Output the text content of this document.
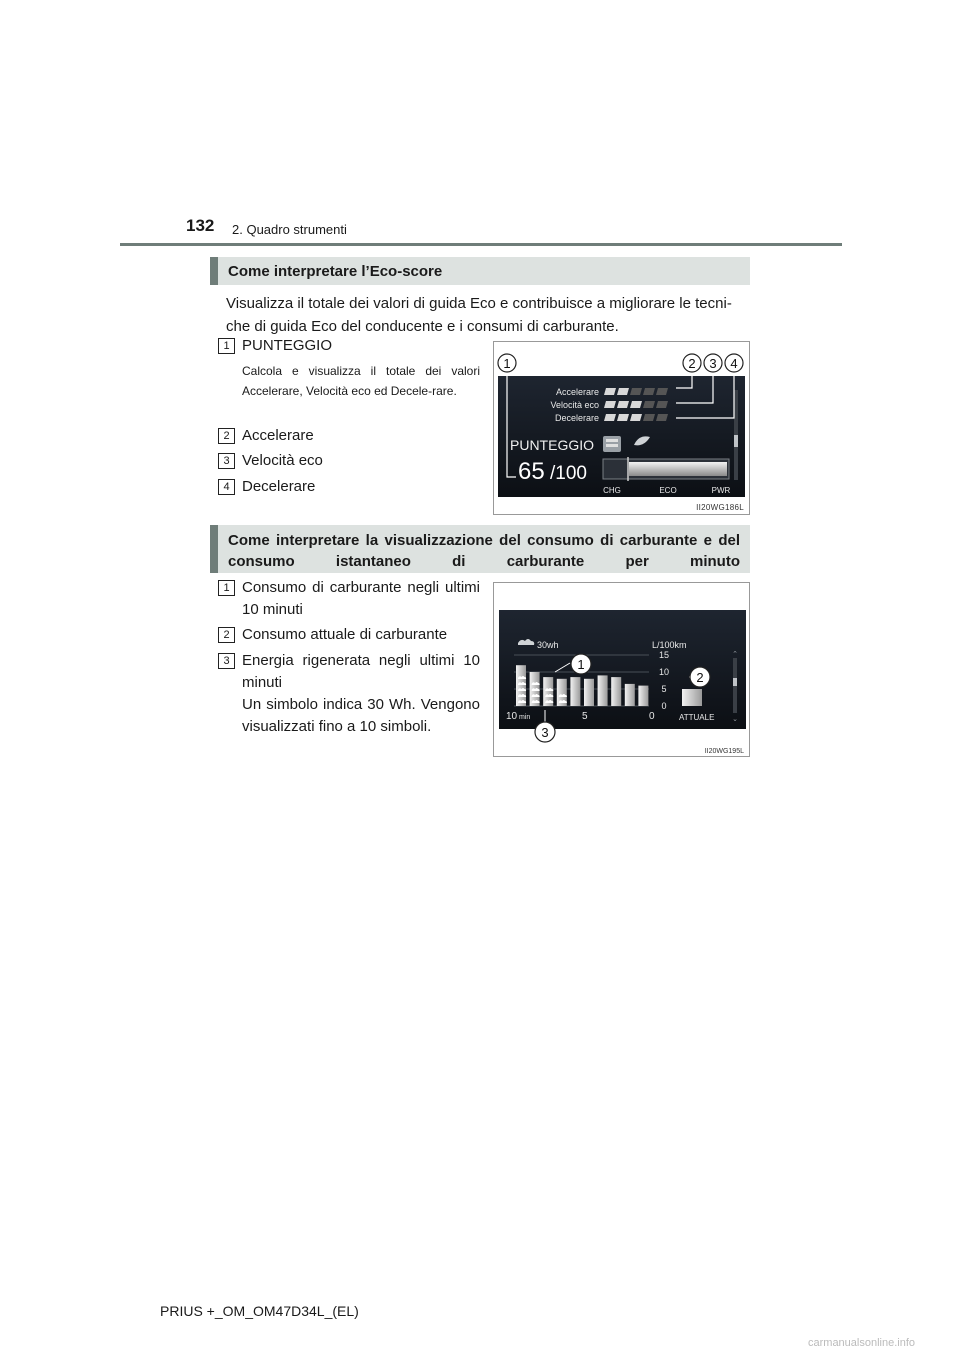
132 2. Quadro strumenti
Come interpretare l’Eco-score
Visualizza il totale dei valori di guida Eco e contribuisce a migliorare le tecni-
che di guida Eco del conducente e i consumi di carburante.
1 PUNTEGGIO
Calcola e visualizza il totale dei valori Accelerare, Velocità eco ed Decele-rare.
2 Accelerare
3 Velocità eco
4 Decelerare
Accelerare
Velocità eco
Decelerare
PUNTEGGIO
65 /100
CHG	ECO	PWR
1	2 3 4
II20WG186L
Come interpretare la visualizzazione del consumo di carburante e del consumo istantaneo di carburante per minuto
1 Consumo di carburante negli ultimi 10 minuti
2 Consumo attuale di carburante
3 Energia rigenerata negli ultimi 10 minuti
Un simbolo indica 30 Wh. Vengono visualizzati fino a 10 simboli.
30wh	L/100km
15
10
5
0
10 min	5	0	ATTUALE
⌃
⌄
1
2
3
II20WG195L
PRIUS +_OM_OM47D34L_(EL)
carmanualsonline.info
